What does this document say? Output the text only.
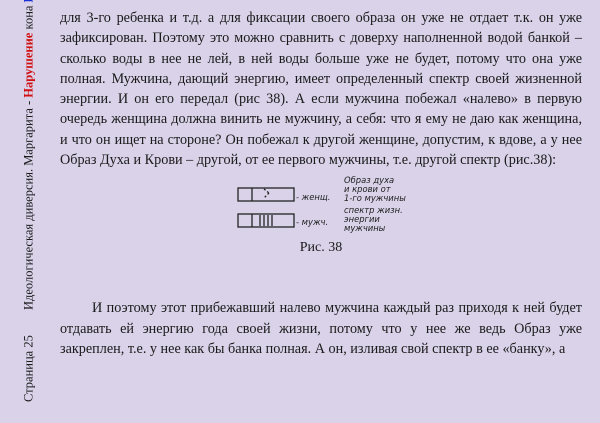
Страница 25 Идеологическая диверсия. Маргарита - Нарушение кона для 3-го ребенка и т.д. а для фиксации своего образа он уже не отдает т.к. он уже зафиксирован. Поэтому это можно сравнить с доверху наполненной водой банкой – сколько воды в нее не лей, в ней воды больше уже не будет, потому что она уже полная. Мужчина, дающий энергию, имеет определенный спектр своей жизненной энергии. И он его передал (рис 38). А если мужчина побежал «налево» в первую очередь женщина должна винить не мужчину, а себя: что я ему не даю как женщина, и что он ищет на стороне? Он побежал к другой женщине, допустим, к вдове, а у нее Образ Духа и Крови – другой, от ее первого мужчины, т.е. другой спектр (рис.38):

- женщ.
- мужч.
Образ духа
и крови от
1-го мужчины
спектр жизн.
энергии
мужчины
Рис. 38

И поэтому этот прибежавший налево мужчина каждый раз приходя к ней будет отдавать ей энергию года своей жизни, потому что у нее же ведь Образ уже закреплен, т.е. у нее как бы банка полная. А он, изливая свой спектр в ее «банку», а
